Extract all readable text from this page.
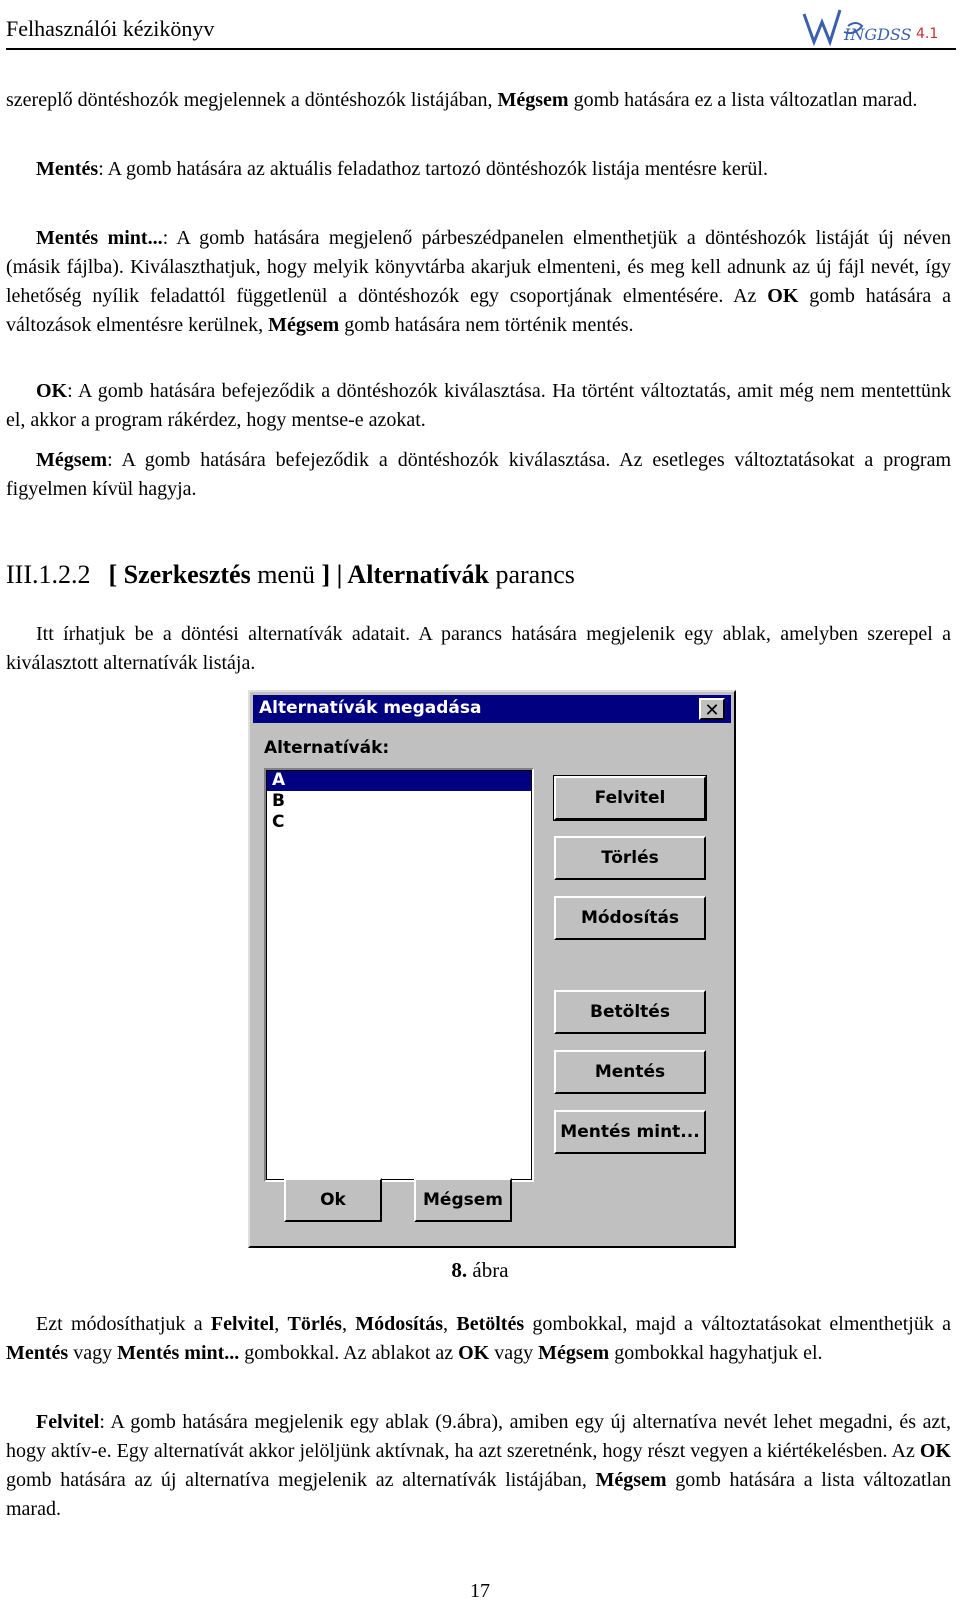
Felhasználói kézikönyv	INGDSS 4.1

szereplő döntéshozók megjelennek a döntéshozók listájában, Mégsem gomb hatására ez a lista változatlan marad.

Mentés: A gomb hatására az aktuális feladathoz tartozó döntéshozók listája mentésre kerül.

Mentés mint...: A gomb hatására megjelenő párbeszédpanelen elmenthetjük a döntéshozók listáját új néven (másik fájlba). Kiválaszthatjuk, hogy melyik könyvtárba akarjuk elmenteni, és meg kell adnunk az új fájl nevét, így lehetőség nyílik feladattól függetlenül a döntéshozók egy csoportjának elmentésére. Az OK gomb hatására a változások elmentésre kerülnek, Mégsem gomb hatására nem történik mentés.

OK: A gomb hatására befejeződik a döntéshozók kiválasztása. Ha történt változtatás, amit még nem mentettünk el, akkor a program rákérdez, hogy mentse-e azokat.

Mégsem: A gomb hatására befejeződik a döntéshozók kiválasztása. Az esetleges változtatásokat a program figyelmen kívül hagyja.

III.1.2.2 [ Szerkesztés menü ] | Alternatívák parancs

Itt írhatjuk be a döntési alternatívák adatait. A parancs hatására megjelenik egy ablak, amelyben szerepel a kiválasztott alternatívák listája.

Alternatívák megadása	✕
Alternatívák:
A
B
C
Felvitel
Törlés
Módosítás
Betöltés
Mentés
Mentés mint...
Ok	Mégsem
8. ábra

Ezt módosíthatjuk a Felvitel, Törlés, Módosítás, Betöltés gombokkal, majd a változtatásokat elmenthetjük a Mentés vagy Mentés mint... gombokkal. Az ablakot az OK vagy Mégsem gombokkal hagyhatjuk el.

Felvitel: A gomb hatására megjelenik egy ablak (9.ábra), amiben egy új alternatíva nevét lehet megadni, és azt, hogy aktív-e. Egy alternatívát akkor jelöljünk aktívnak, ha azt szeretnénk, hogy részt vegyen a kiértékelésben. Az OK gomb hatására az új alternatíva megjelenik az alternatívák listájában, Mégsem gomb hatására a lista változatlan marad.

17
